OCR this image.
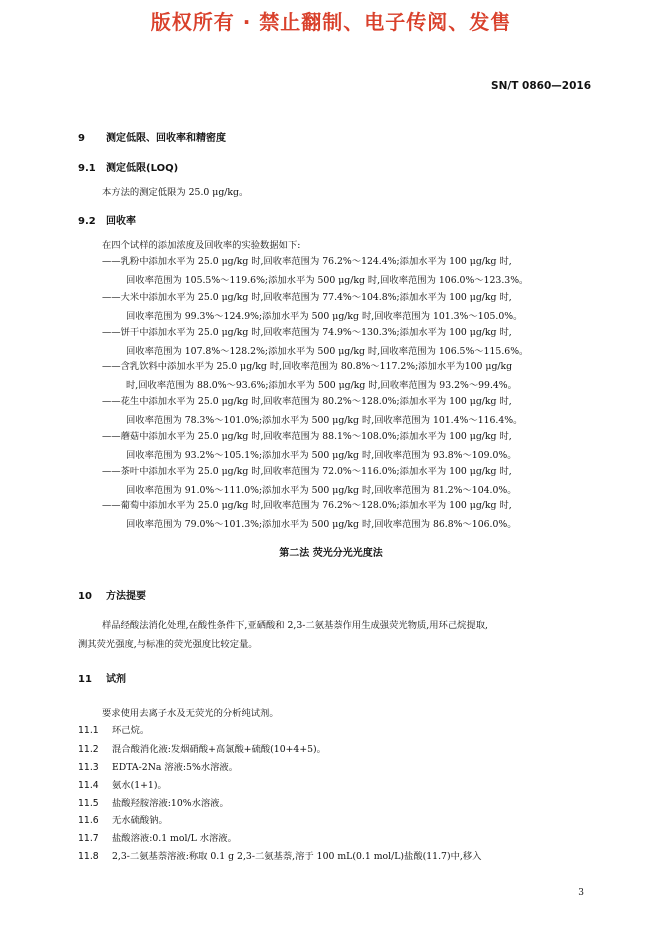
版权所有 · 禁止翻制、电子传阅、发售
SN/T 0860—2016
9 测定低限、回收率和精密度
9.1 测定低限(LOQ)
本方法的测定低限为 25.0 μg/kg。
9.2 回收率
在四个试样的添加浓度及回收率的实验数据如下:
——乳粉中添加水平为 25.0 μg/kg 时,回收率范围为 76.2%～124.4%;添加水平为 100 μg/kg 时,
回收率范围为 105.5%～119.6%;添加水平为 500 μg/kg 时,回收率范围为 106.0%～123.3%。
——大米中添加水平为 25.0 μg/kg 时,回收率范围为 77.4%～104.8%;添加水平为 100 μg/kg 时,
回收率范围为 99.3%～124.9%;添加水平为 500 μg/kg 时,回收率范围为 101.3%～105.0%。
——饼干中添加水平为 25.0 μg/kg 时,回收率范围为 74.9%～130.3%;添加水平为 100 μg/kg 时,
回收率范围为 107.8%～128.2%;添加水平为 500 μg/kg 时,回收率范围为 106.5%～115.6%。
——含乳饮料中添加水平为 25.0 μg/kg 时,回收率范围为 80.8%～117.2%;添加水平为100 μg/kg
时,回收率范围为 88.0%～93.6%;添加水平为 500 μg/kg 时,回收率范围为 93.2%～99.4%。
——花生中添加水平为 25.0 μg/kg 时,回收率范围为 80.2%～128.0%;添加水平为 100 μg/kg 时,
回收率范围为 78.3%～101.0%;添加水平为 500 μg/kg 时,回收率范围为 101.4%～116.4%。
——蘑菇中添加水平为 25.0 μg/kg 时,回收率范围为 88.1%～108.0%;添加水平为 100 μg/kg 时,
回收率范围为 93.2%～105.1%;添加水平为 500 μg/kg 时,回收率范围为 93.8%～109.0%。
——茶叶中添加水平为 25.0 μg/kg 时,回收率范围为 72.0%～116.0%;添加水平为 100 μg/kg 时,
回收率范围为 91.0%～111.0%;添加水平为 500 μg/kg 时,回收率范围为 81.2%～104.0%。
——葡萄中添加水平为 25.0 μg/kg 时,回收率范围为 76.2%～128.0%;添加水平为 100 μg/kg 时,
回收率范围为 79.0%～101.3%;添加水平为 500 μg/kg 时,回收率范围为 86.8%～106.0%。
第二法 荧光分光光度法
10 方法提要
样品经酸法消化处理,在酸性条件下,亚硒酸和 2,3-二氨基萘作用生成强荧光物质,用环己烷提取,
测其荧光强度,与标准的荧光强度比较定量。
11 试剂
要求使用去离子水及无荧光的分析纯试剂。
11.1 环己烷。
11.2 混合酸消化液:发烟硝酸+高氯酸+硫酸(10+4+5)。
11.3 EDTA-2Na 溶液:5%水溶液。
11.4 氨水(1+1)。
11.5 盐酸羟胺溶液:10%水溶液。
11.6 无水硫酸钠。
11.7 盐酸溶液:0.1 mol/L 水溶液。
11.8 2,3-二氨基萘溶液:称取 0.1 g 2,3-二氨基萘,溶于 100 mL(0.1 mol/L)盐酸(11.7)中,移入
3
